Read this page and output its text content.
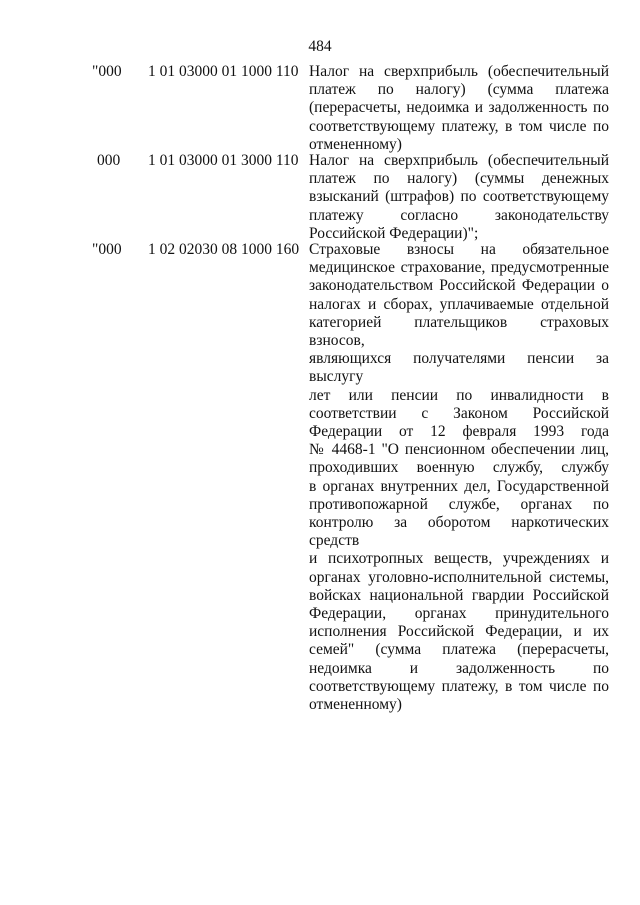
484
"000 1 01 03000 01 1000 110 Налог на сверхприбыль (обеспечительный
платеж по налогу) (сумма платежа
(перерасчеты, недоимка и задолженность по
соответствующему платежу, в том числе по
отмененному)
000 1 01 03000 01 3000 110 Налог на сверхприбыль (обеспечительный
платеж по налогу) (суммы денежных
взысканий (штрафов) по соответствующему
платежу согласно законодательству
Российской Федерации)";
"000 1 02 02030 08 1000 160 Страховые взносы на обязательное
медицинское страхование, предусмотренные
законодательством Российской Федерации о
налогах и сборах, уплачиваемые отдельной
категорией плательщиков страховых взносов,
являющихся получателями пенсии за выслугу
лет или пенсии по инвалидности в
соответствии с Законом Российской
Федерации от 12 февраля 1993 года
№ 4468-1 "О пенсионном обеспечении лиц,
проходивших военную службу, службу
в органах внутренних дел, Государственной
противопожарной службе, органах по
контролю за оборотом наркотических средств
и психотропных веществ, учреждениях и
органах уголовно-исполнительной системы,
войсках национальной гвардии Российской
Федерации, органах принудительного
исполнения Российской Федерации, и их
семей" (сумма платежа (перерасчеты,
недоимка и задолженность по
соответствующему платежу, в том числе по
отмененному)
